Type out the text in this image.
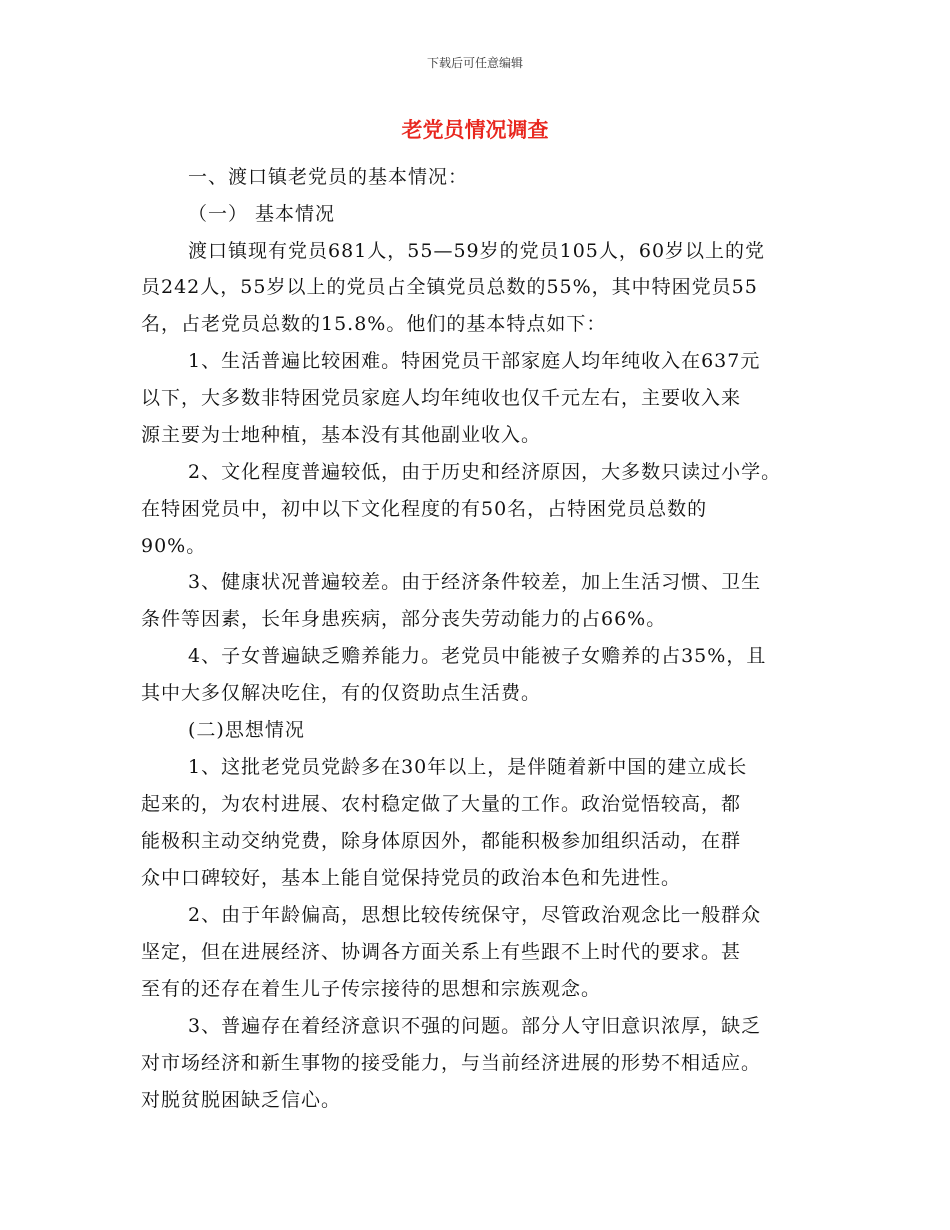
下载后可任意编辑
老党员情况调查
一、渡口镇老党员的基本情况：
（一） 基本情况
渡口镇现有党员681人，55—59岁的党员105人，60岁以上的党
员242人，55岁以上的党员占全镇党员总数的55%，其中特困党员55
名，占老党员总数的15.8%。他们的基本特点如下：
1、生活普遍比较困难。特困党员干部家庭人均年纯收入在637元
以下，大多数非特困党员家庭人均年纯收也仅千元左右，主要收入来
源主要为士地种植，基本没有其他副业收入。
2、文化程度普遍较低，由于历史和经济原因，大多数只读过小学。
在特困党员中，初中以下文化程度的有50名，占特困党员总数的
90%。
3、健康状况普遍较差。由于经济条件较差，加上生活习惯、卫生
条件等因素，长年身患疾病，部分丧失劳动能力的占66%。
4、子女普遍缺乏赡养能力。老党员中能被子女赡养的占35%，且
其中大多仅解决吃住，有的仅资助点生活费。
(二)思想情况
1、这批老党员党龄多在30年以上，是伴随着新中国的建立成长
起来的，为农村进展、农村稳定做了大量的工作。政治觉悟较高，都
能极积主动交纳党费，除身体原因外，都能积极参加组织活动，在群
众中口碑较好，基本上能自觉保持党员的政治本色和先进性。
2、由于年龄偏高，思想比较传统保守，尽管政治观念比一般群众
坚定，但在进展经济、协调各方面关系上有些跟不上时代的要求。甚
至有的还存在着生儿子传宗接待的思想和宗族观念。
3、普遍存在着经济意识不强的问题。部分人守旧意识浓厚，缺乏
对市场经济和新生事物的接受能力，与当前经济进展的形势不相适应。
对脱贫脱困缺乏信心。
